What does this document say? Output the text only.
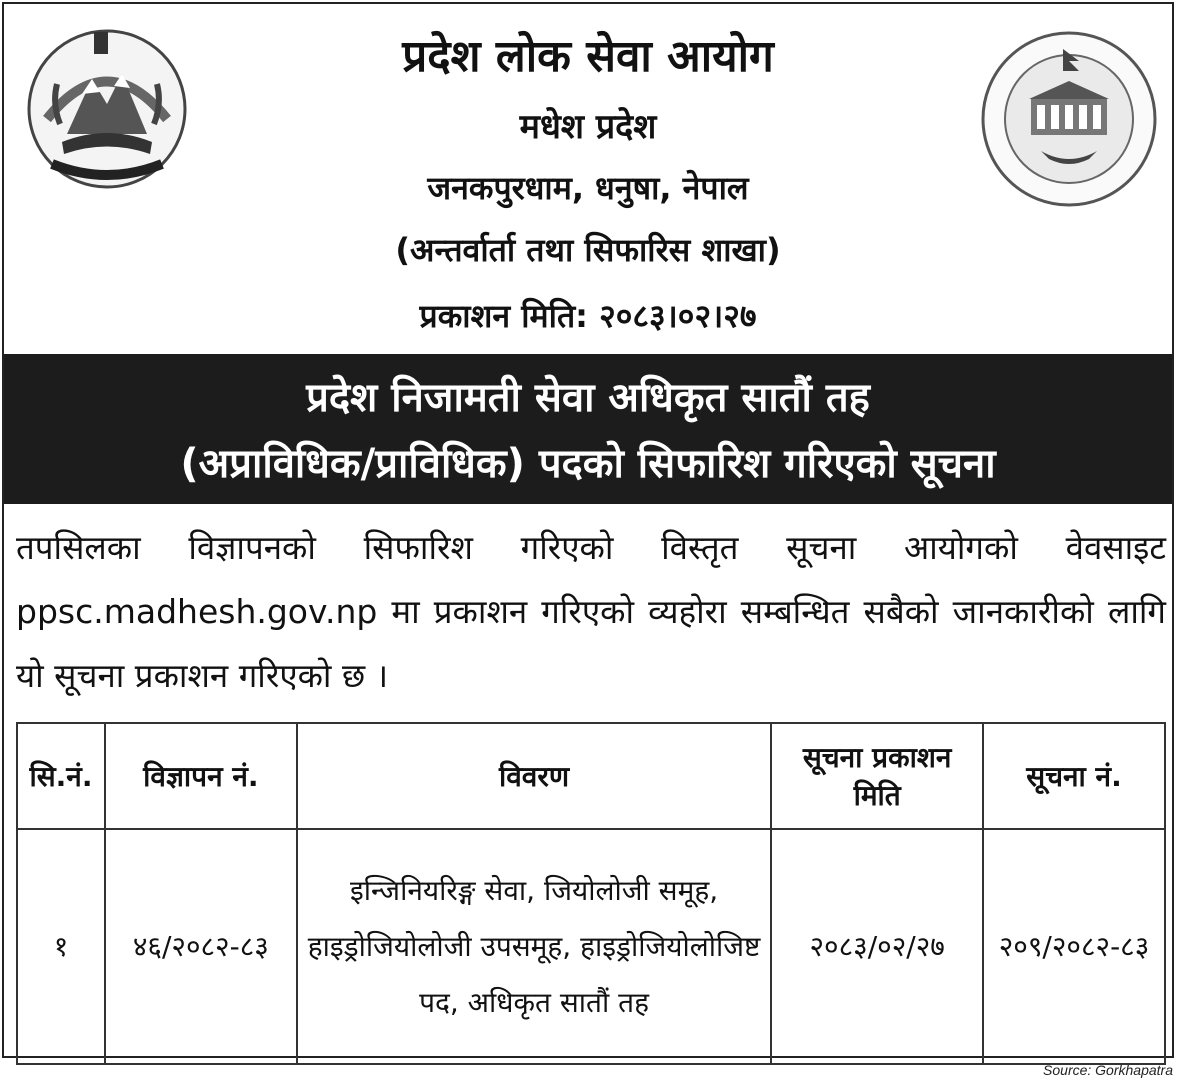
प्रदेश लोक सेवा आयोग
मधेश प्रदेश
जनकपुरधाम, धनुषा, नेपाल
(अन्तर्वार्ता तथा सिफारिस शाखा)
प्रकाशन मिति: २०८३।०२।२७
प्रदेश निजामती सेवा अधिकृत सातौं तह
(अप्राविधिक/प्राविधिक) पदको सिफारिश गरिएको सूचना
तपसिलका विज्ञापनको सिफारिश गरिएको विस्तृत सूचना आयोगको वेवसाइट ppsc.madhesh.gov.np मा प्रकाशन गरिएको व्यहोरा सम्बन्धित सबैको जानकारीको लागि यो सूचना प्रकाशन गरिएको छ ।
सि.नं.	विज्ञापन नं.	विवरण	सूचना प्रकाशन मिति	सूचना नं.
१	४६/२०८२-८३	इन्जिनियरिङ्ग सेवा, जियोलोजी समूह, हाइड्रोजियोलोजी उपसमूह, हाइड्रोजियोलोजिष्ट पद, अधिकृत सातौं तह	२०८३/०२/२७	२०९/२०८२-८३
Source: Gorkhapatra
